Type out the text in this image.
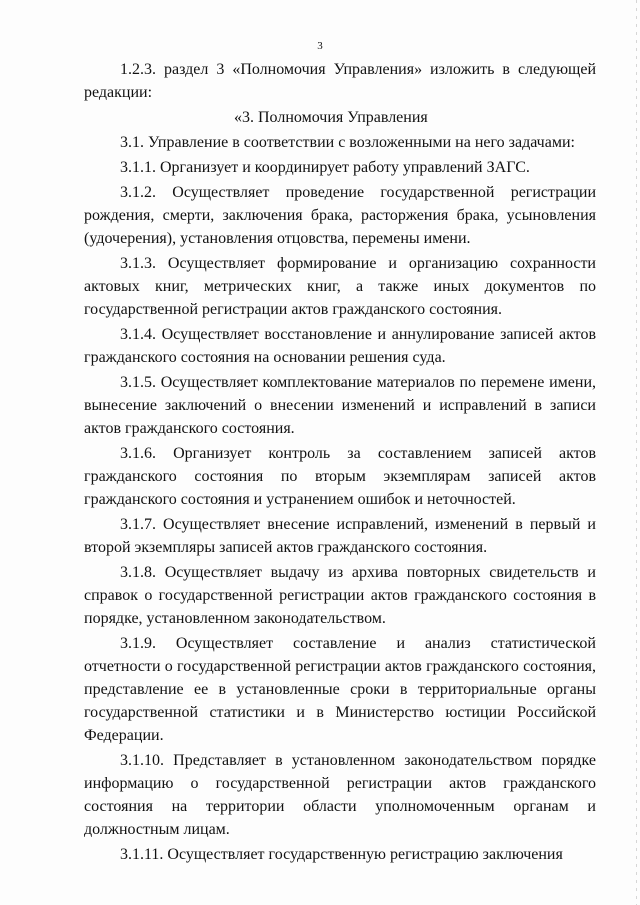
3

1.2.3. раздел 3 «Полномочия Управления» изложить в следующей редакции:

«3. Полномочия Управления

3.1. Управление в соответствии с возложенными на него задачами:

3.1.1. Организует и координирует работу управлений ЗАГС.

3.1.2. Осуществляет проведение государственной регистрации рождения, смерти, заключения брака, расторжения брака, усыновления (удочерения), установления отцовства, перемены имени.

3.1.3. Осуществляет формирование и организацию сохранности актовых книг, метрических книг, а также иных документов по государственной регистрации актов гражданского состояния.

3.1.4. Осуществляет восстановление и аннулирование записей актов гражданского состояния на основании решения суда.

3.1.5. Осуществляет комплектование материалов по перемене имени, вынесение заключений о внесении изменений и исправлений в записи актов гражданского состояния.

3.1.6. Организует контроль за составлением записей актов гражданского состояния по вторым экземплярам записей актов гражданского состояния и устранением ошибок и неточностей.

3.1.7. Осуществляет внесение исправлений, изменений в первый и второй экземпляры записей актов гражданского состояния.

3.1.8. Осуществляет выдачу из архива повторных свидетельств и справок о государственной регистрации актов гражданского состояния в порядке, установленном законодательством.

3.1.9. Осуществляет составление и анализ статистической отчетности о государственной регистрации актов гражданского состояния, представление ее в установленные сроки в территориальные органы государственной статистики и в Министерство юстиции Российской Федерации.

3.1.10. Представляет в установленном законодательством порядке информацию о государственной регистрации актов гражданского состояния на территории области уполномоченным органам и должностным лицам.

3.1.11. Осуществляет государственную регистрацию заключения
